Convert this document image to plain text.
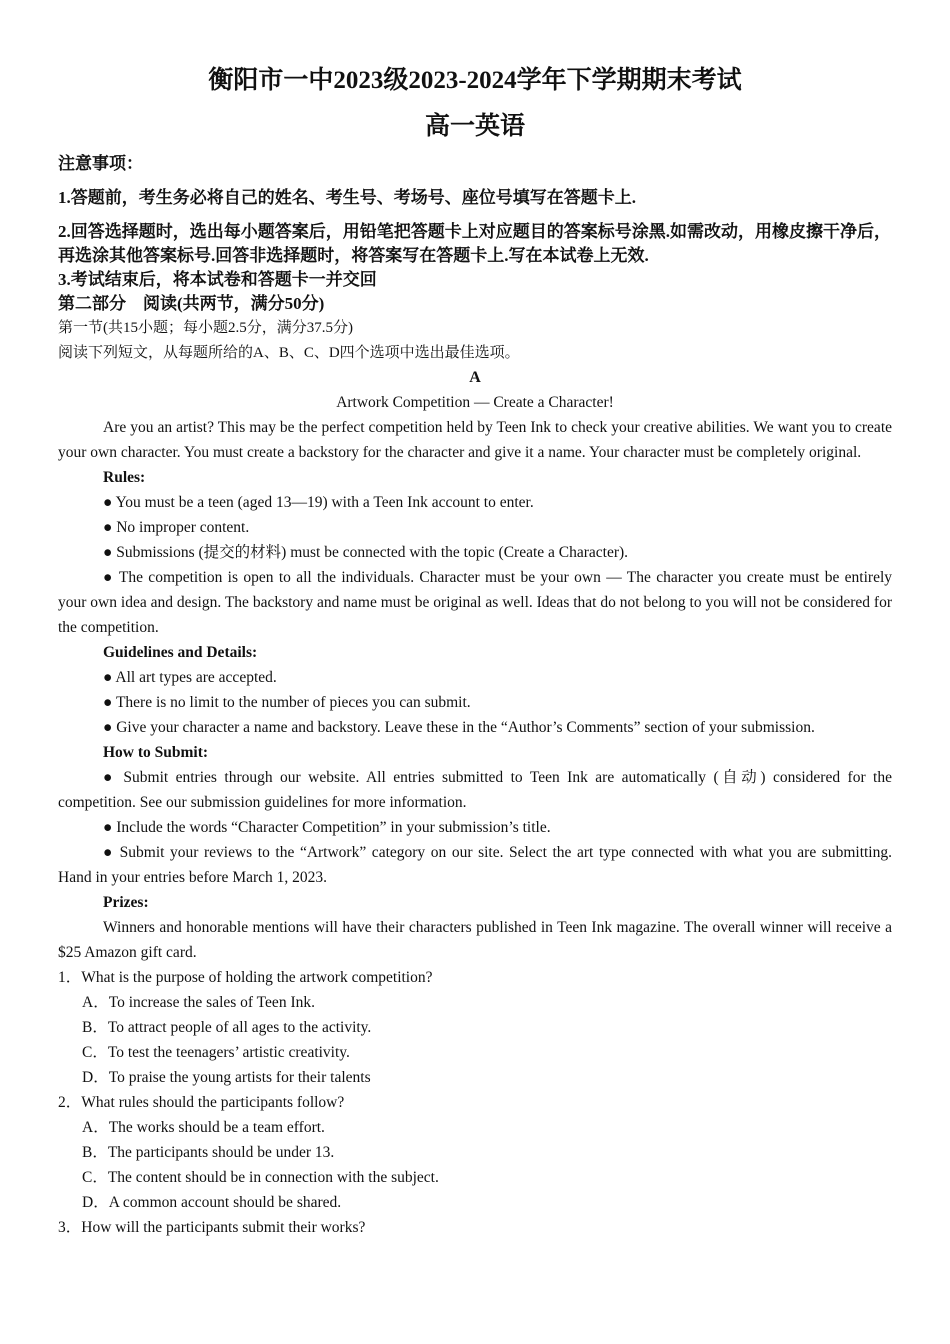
衡阳市一中2023级2023-2024学年下学期期末考试
高一英语
注意事项：
1.答题前，考生务必将自己的姓名、考生号、考场号、座位号填写在答题卡上.
2.回答选择题时，选出每小题答案后，用铅笔把答题卡上对应题目的答案标号涂黑.如需改动，用橡皮擦干净后，再选涂其他答案标号.回答非选择题时，将答案写在答题卡上.写在本试卷上无效.
3.考试结束后，将本试卷和答题卡一并交回
第二部分　阅读(共两节，满分50分)
第一节(共15小题；每小题2.5分，满分37.5分)
阅读下列短文，从每题所给的A、B、C、D四个选项中选出最佳选项。
A
Artwork Competition — Create a Character!

Are you an artist? This may be the perfect competition held by Teen Ink to check your creative abilities. We want you to create your own character. You must create a backstory for the character and give it a name. Your character must be completely original.

Rules:

● You must be a teen (aged 13—19) with a Teen Ink account to enter.

● No improper content.

● Submissions (提交的材料) must be connected with the topic (Create a Character).

● The competition is open to all the individuals. Character must be your own — The character you create must be entirely your own idea and design. The backstory and name must be original as well. Ideas that do not belong to you will not be considered for the competition.

Guidelines and Details:

● All art types are accepted.

● There is no limit to the number of pieces you can submit.

● Give your character a name and backstory. Leave these in the “Author’s Comments” section of your submission.

How to Submit:

● Submit entries through our website. All entries submitted to Teen Ink are automatically (自动) considered for the competition. See our submission guidelines for more information.

● Include the words “Character Competition” in your submission’s title.

● Submit your reviews to the “Artwork” category on our site. Select the art type connected with what you are submitting. Hand in your entries before March 1, 2023.

Prizes:

Winners and honorable mentions will have their characters published in Teen Ink magazine. The overall winner will receive a $25 Amazon gift card.

1．What is the purpose of holding the artwork competition?
A．To increase the sales of Teen Ink.
B．To attract people of all ages to the activity.
C．To test the teenagers’ artistic creativity.
D．To praise the young artists for their talents
2．What rules should the participants follow?
A．The works should be a team effort.
B．The participants should be under 13.
C．The content should be in connection with the subject.
D．A common account should be shared.
3．How will the participants submit their works?
